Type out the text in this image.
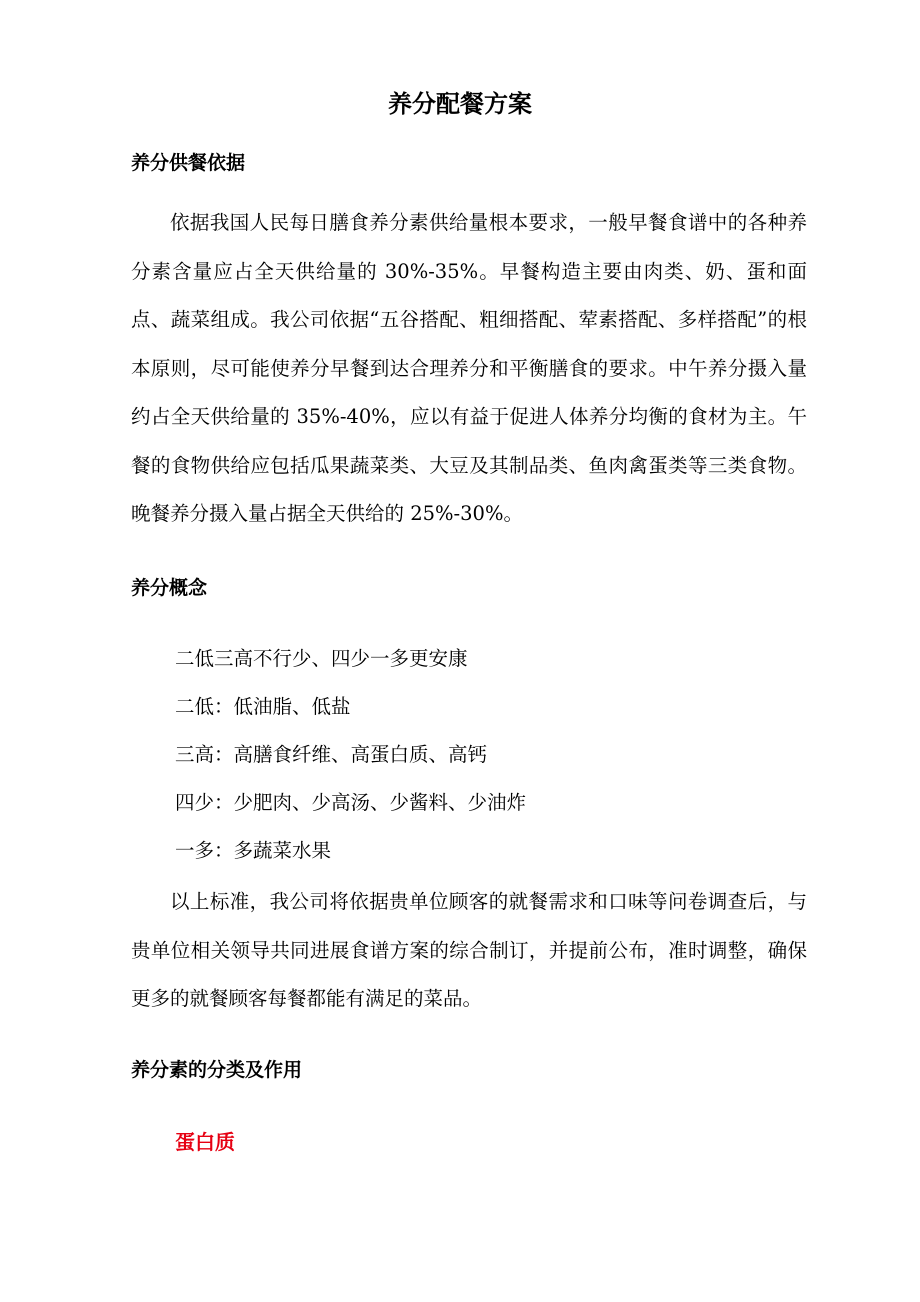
养分配餐方案
养分供餐依据

依据我国人民每日膳食养分素供给量根本要求，一般早餐食谱中的各种养分素含量应占全天供给量的 30%-35%。早餐构造主要由肉类、奶、蛋和面点、蔬菜组成。我公司依据“五谷搭配、粗细搭配、荤素搭配、多样搭配”的根本原则，尽可能使养分早餐到达合理养分和平衡膳食的要求。中午养分摄入量约占全天供给量的 35%-40%，应以有益于促进人体养分均衡的食材为主。午餐的食物供给应包括瓜果蔬菜类、大豆及其制品类、鱼肉禽蛋类等三类食物。晚餐养分摄入量占据全天供给的 25%-30%。

养分概念

二低三高不行少、四少一多更安康

二低：低油脂、低盐

三高：高膳食纤维、高蛋白质、高钙

四少：少肥肉、少高汤、少酱料、少油炸

一多：多蔬菜水果

以上标准，我公司将依据贵单位顾客的就餐需求和口味等问卷调查后，与贵单位相关领导共同进展食谱方案的综合制订，并提前公布，准时调整，确保更多的就餐顾客每餐都能有满足的菜品。

养分素的分类及作用
蛋白质
